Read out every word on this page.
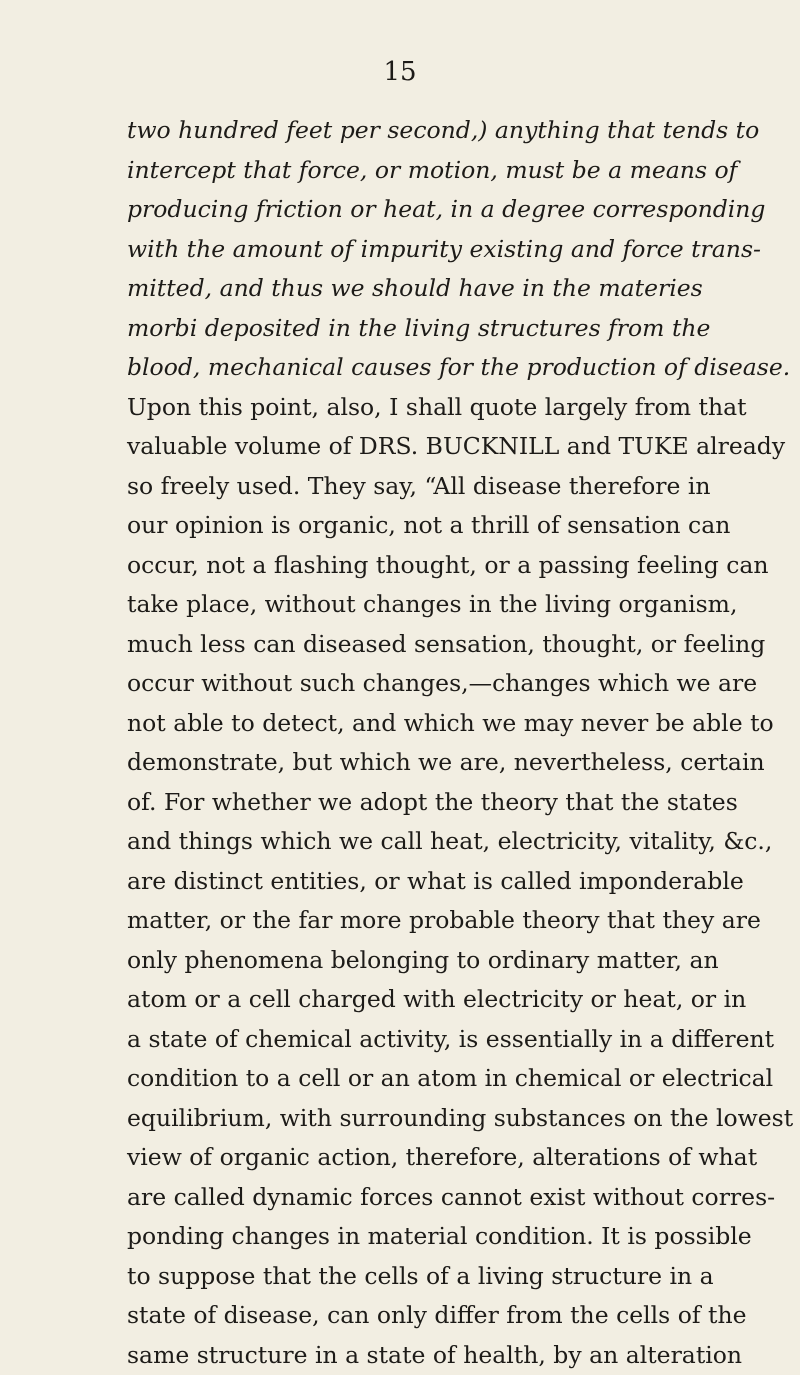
15
two hundred feet per second,) anything that tends to
intercept that force, or motion, must be a means of
producing friction or heat, in a degree corresponding
with the amount of impurity existing and force trans-
mitted, and thus we should have in the materies
morbi deposited in the living structures from the
blood, mechanical causes for the production of disease.
Upon this point, also, I shall quote largely from that
valuable volume of DRS. BUCKNILL and TUKE already
so freely used. They say, “All disease therefore in
our opinion is organic, not a thrill of sensation can
occur, not a flashing thought, or a passing feeling can
take place, without changes in the living organism,
much less can diseased sensation, thought, or feeling
occur without such changes,—changes which we are
not able to detect, and which we may never be able to
demonstrate, but which we are, nevertheless, certain
of. For whether we adopt the theory that the states
and things which we call heat, electricity, vitality, &c.,
are distinct entities, or what is called imponderable
matter, or the far more probable theory that they are
only phenomena belonging to ordinary matter, an
atom or a cell charged with electricity or heat, or in
a state of chemical activity, is essentially in a different
condition to a cell or an atom in chemical or electrical
equilibrium, with surrounding substances on the lowest
view of organic action, therefore, alterations of what
are called dynamic forces cannot exist without corres-
ponding changes in material condition. It is possible
to suppose that the cells of a living structure in a
state of disease, can only differ from the cells of the
same structure in a state of health, by an alteration
